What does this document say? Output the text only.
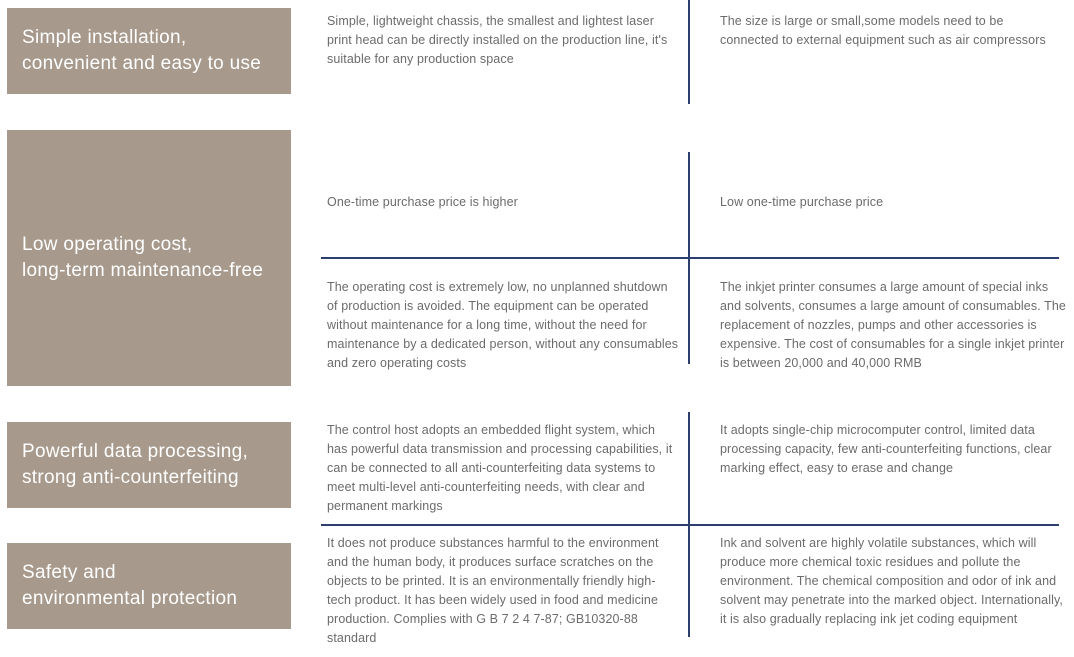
Simple installation,
convenient and easy to use
Low operating cost,
long-term maintenance-free
Powerful data processing,
strong anti-counterfeiting
Safety and
environmental protection
Simple, lightweight chassis, the smallest and lightest laser print head can be directly installed on the production line, it's suitable for any production space
The size is large or small,some models need to be connected to external equipment such as air compressors
One-time purchase price is higher	Low one-time purchase price
The operating cost is extremely low, no unplanned shutdown of production is avoided. The equipment can be operated without maintenance for a long time, without the need for maintenance by a dedicated person, without any consumables and zero operating costs
The inkjet printer consumes a large amount of special inks and solvents, consumes a large amount of consumables. The replacement of nozzles, pumps and other accessories is expensive. The cost of consumables for a single inkjet printer is between 20,000 and 40,000 RMB
The control host adopts an embedded flight system, which has powerful data transmission and processing capabilities, it can be connected to all anti-counterfeiting data systems to meet multi-level anti-counterfeiting needs, with clear and permanent markings
It adopts single-chip microcomputer control, limited data processing capacity, few anti-counterfeiting functions, clear marking effect, easy to erase and change
It does not produce substances harmful to the environment and the human body, it produces surface scratches on the objects to be printed. It is an environmentally friendly high-tech product. It has been widely used in food and medicine production. Complies with G B 7 2 4 7-87; GB10320-88 standard
Ink and solvent are highly volatile substances, which will produce more chemical toxic residues and pollute the environment. The chemical composition and odor of ink and solvent may penetrate into the marked object. Internationally, it is also gradually replacing ink jet coding equipment
